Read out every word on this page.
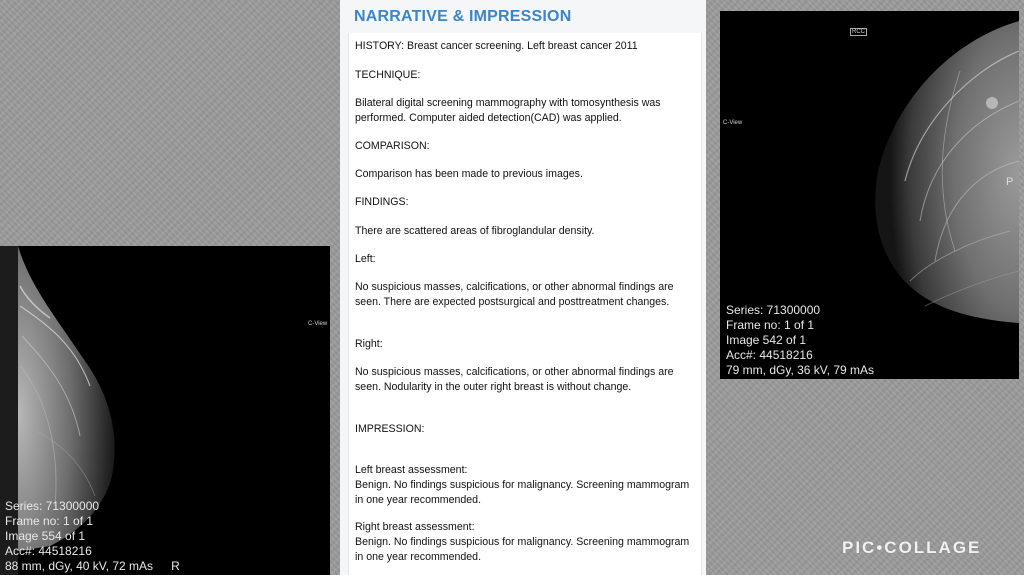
C-View
Series: 71300000
Frame no: 1 of 1
Image 554 of 1
Acc#: 44518216
88 mm, dGy, 40 kV, 72 mAs R
NARRATIVE & IMPRESSION
HISTORY: Breast cancer screening. Left breast cancer 2011
TECHNIQUE:
Bilateral digital screening mammography with tomosynthesis was performed. Computer aided detection(CAD) was applied.
COMPARISON:
Comparison has been made to previous images.
FINDINGS:
There are scattered areas of fibroglandular density.
Left:
No suspicious masses, calcifications, or other abnormal findings are seen. There are expected postsurgical and posttreatment changes.
Right:
No suspicious masses, calcifications, or other abnormal findings are seen. Nodularity in the outer right breast is without change.
IMPRESSION:
Left breast assessment:
Benign. No findings suspicious for malignancy. Screening mammogram in one year recommended.
Right breast assessment:
Benign. No findings suspicious for malignancy. Screening mammogram in one year recommended.
RCC
C-View
P
Series: 71300000
Frame no: 1 of 1
Image 542 of 1
Acc#: 44518216
79 mm, dGy, 36 kV, 79 mAs
PIC•COLLAGE
